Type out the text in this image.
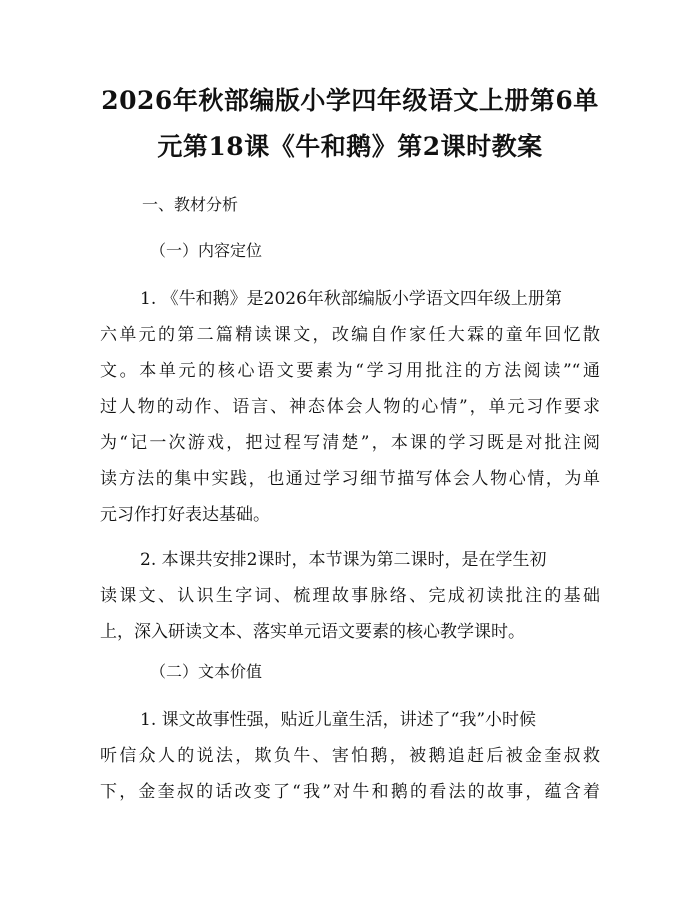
2026年秋部编版小学四年级语文上册第6单
元第18课《牛和鹅》第2课时教案
一、教材分析
（一）内容定位
1. 《牛和鹅》是2026年秋部编版小学语文四年级上册第
六单元的第二篇精读课文，改编自作家任大霖的童年回忆散
文。本单元的核心语文要素为“学习用批注的方法阅读”“通
过人物的动作、语言、神态体会人物的心情”，单元习作要求
为“记一次游戏，把过程写清楚”，本课的学习既是对批注阅
读方法的集中实践，也通过学习细节描写体会人物心情，为单
元习作打好表达基础。
2. 本课共安排2课时，本节课为第二课时，是在学生初
读课文、认识生字词、梳理故事脉络、完成初读批注的基础
上，深入研读文本、落实单元语文要素的核心教学课时。
（二）文本价值
1. 课文故事性强，贴近儿童生活，讲述了“我”小时候
听信众人的说法，欺负牛、害怕鹅，被鹅追赶后被金奎叔救
下，金奎叔的话改变了“我”对牛和鹅的看法的故事，蕴含着
